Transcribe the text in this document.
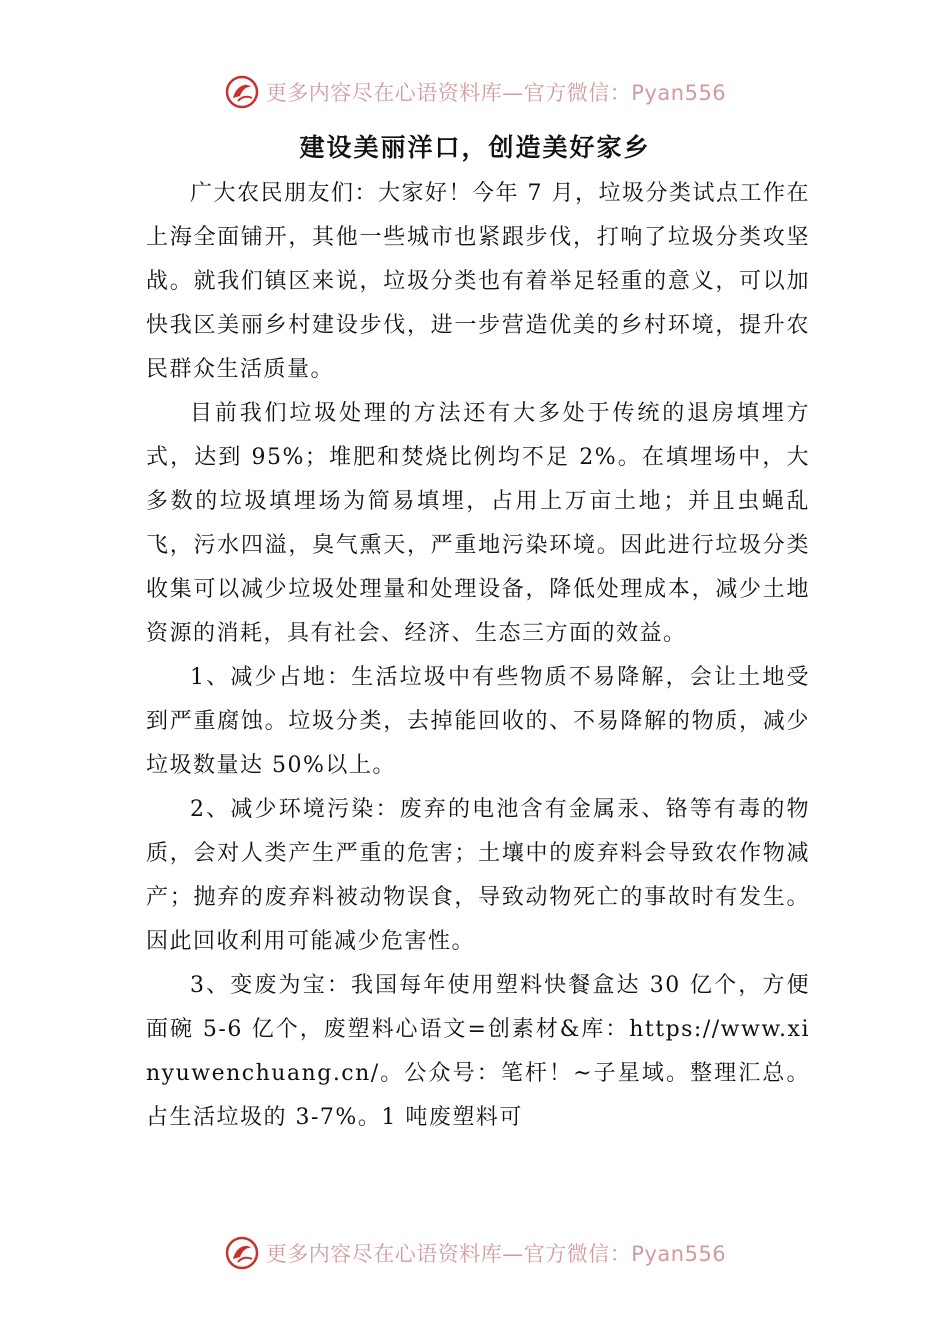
更多内容尽在心语资料库—官方微信：Pyan556
建设美丽洋口，创造美好家乡

广大农民朋友们：大家好！今年 7 月，垃圾分类试点工作在上海全面铺开，其他一些城市也紧跟步伐，打响了垃圾分类攻坚战。就我们镇区来说，垃圾分类也有着举足轻重的意义，可以加快我区美丽乡村建设步伐，进一步营造优美的乡村环境，提升农民群众生活质量。

目前我们垃圾处理的方法还有大多处于传统的退房填埋方式，达到 95%；堆肥和焚烧比例均不足 2%。在填埋场中，大多数的垃圾填埋场为简易填埋，占用上万亩土地；并且虫蝇乱飞，污水四溢，臭气熏天，严重地污染环境。因此进行垃圾分类收集可以减少垃圾处理量和处理设备，降低处理成本，减少土地资源的消耗，具有社会、经济、生态三方面的效益。

1、减少占地：生活垃圾中有些物质不易降解，会让土地受到严重腐蚀。垃圾分类，去掉能回收的、不易降解的物质，减少垃圾数量达 50%以上。

2、减少环境污染：废弃的电池含有金属汞、铬等有毒的物质，会对人类产生严重的危害；土壤中的废弃料会导致农作物减产；抛弃的废弃料被动物误食，导致动物死亡的事故时有发生。因此回收利用可能减少危害性。

3、变废为宝：我国每年使用塑料快餐盒达 30 亿个，方便面碗 5-6 亿个，废塑料心语文=创素材&库：https://www.xinyuwenchuang.cn/。公众号：笔杆！~子星域。整理汇总。占生活垃圾的 3-7%。1 吨废塑料可

更多内容尽在心语资料库—官方微信：Pyan556
